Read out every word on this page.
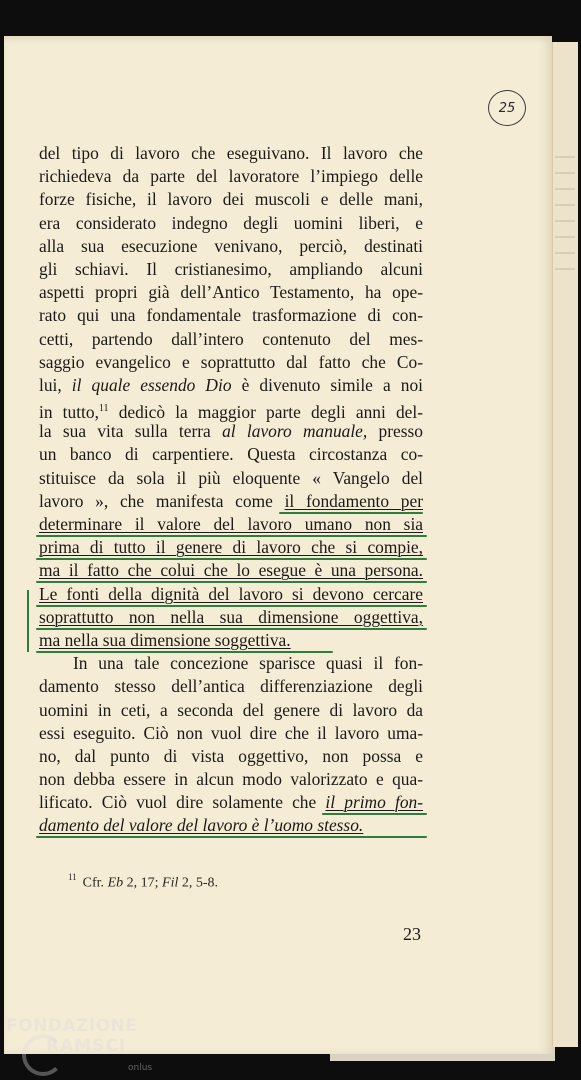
25
del tipo di lavoro che eseguivano. Il lavoro che
richiedeva da parte del lavoratore l’impiego delle
forze fisiche, il lavoro dei muscoli e delle mani,
era considerato indegno degli uomini liberi, e
alla sua esecuzione venivano, perciò, destinati
gli schiavi. Il cristianesimo, ampliando alcuni
aspetti propri già dell’Antico Testamento, ha ope-
rato qui una fondamentale trasformazione di con-
cetti, partendo dall’intero contenuto del mes-
saggio evangelico e soprattutto dal fatto che Co-
lui, il quale essendo Dio è divenuto simile a noi
in tutto,$^{11}$ dedicò la maggior parte degli anni del-
la sua vita sulla terra al lavoro manuale, presso
un banco di carpentiere. Questa circostanza co-
stituisce da sola il più eloquente « Vangelo del
lavoro », che manifesta come il fondamento per
determinare il valore del lavoro umano non sia
prima di tutto il genere di lavoro che si compie,
ma il fatto che colui che lo esegue è una persona.
Le fonti della dignità del lavoro si devono cercare
soprattutto non nella sua dimensione oggettiva,
ma nella sua dimensione soggettiva.
In una tale concezione sparisce quasi il fon-
damento stesso dell’antica differenziazione degli
uomini in ceti, a seconda del genere di lavoro da
essi eseguito. Ciò non vuol dire che il lavoro uma-
no, dal punto di vista oggettivo, non possa e
non debba essere in alcun modo valorizzato e qua-
lificato. Ciò vuol dire solamente che il primo fon-
damento del valore del lavoro è l’uomo stesso.
$^{11}$ Cfr. Eb 2, 17; Fil 2, 5-8.
23
FONDAZIONE
RAMSCI
onlus
